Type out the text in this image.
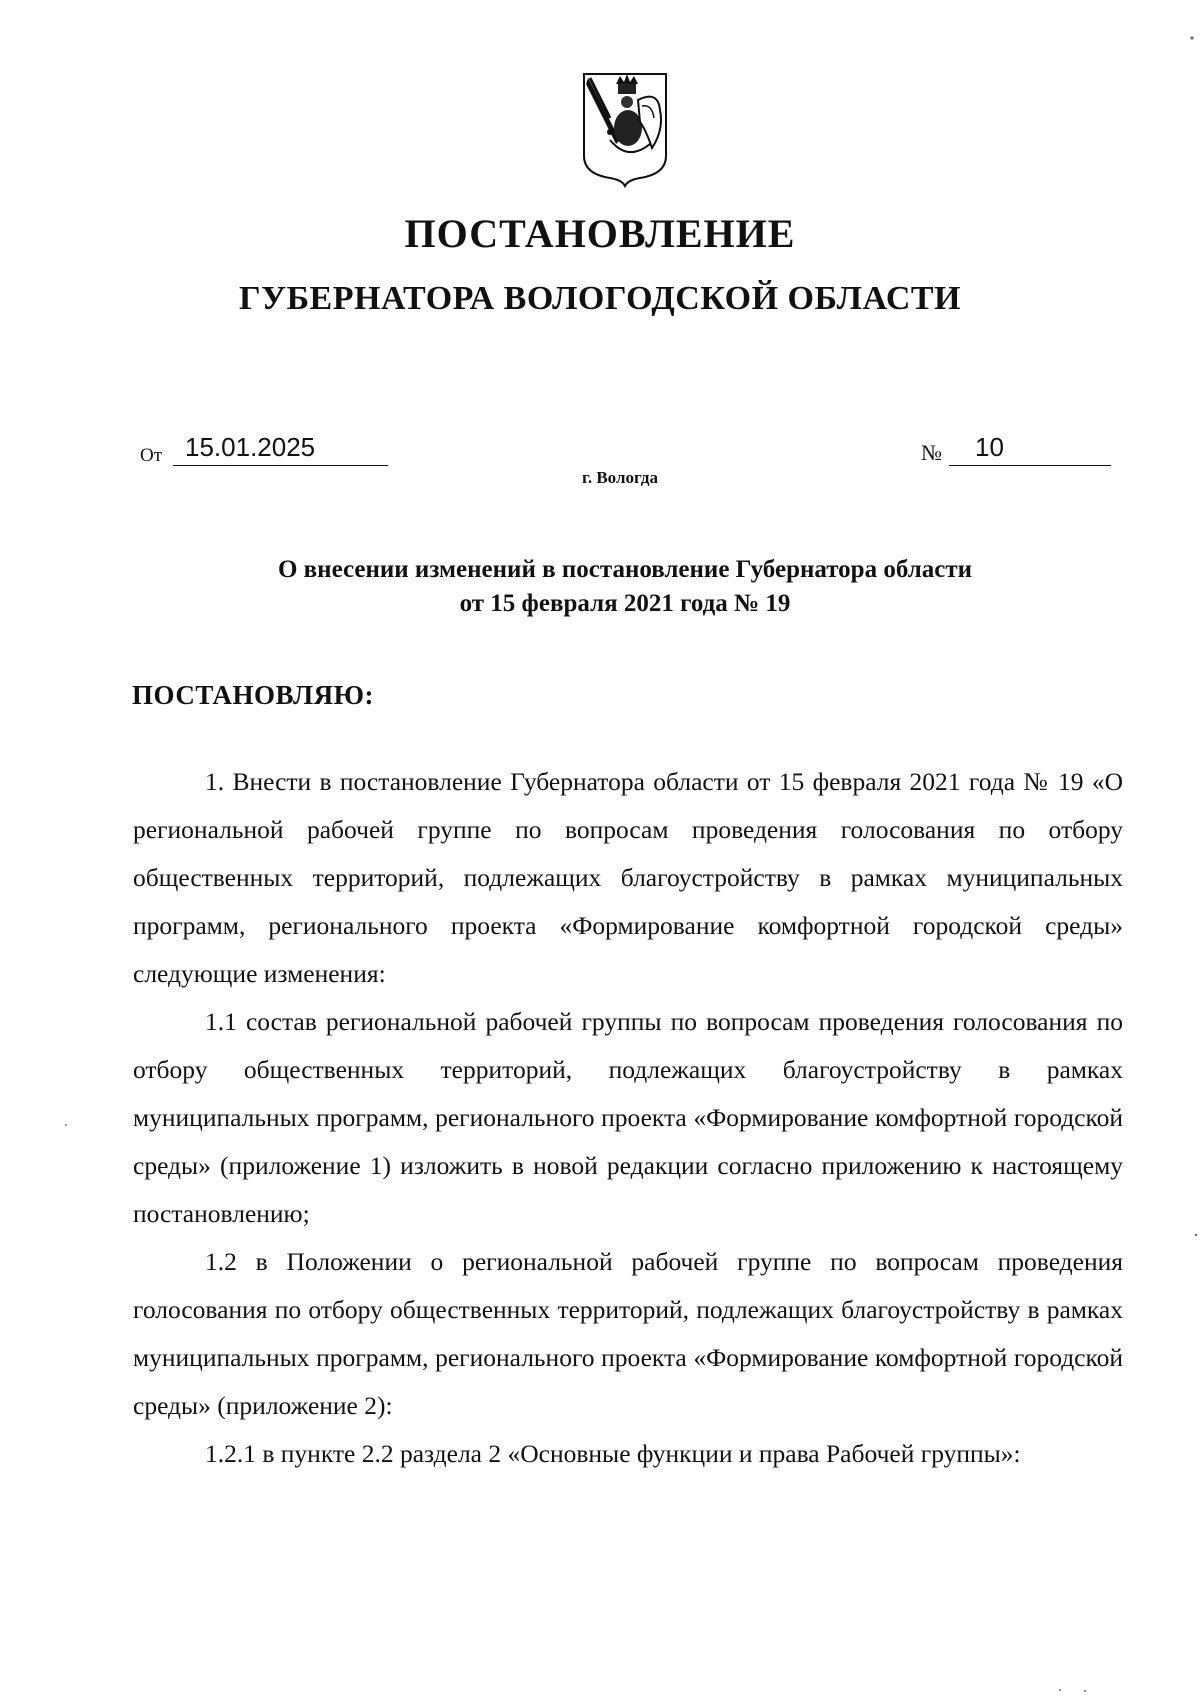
ПОСТАНОВЛЕНИЕ
ГУБЕРНАТОРА ВОЛОГОДСКОЙ ОБЛАСТИ
От 15.01.2025	№	10
г. Вологда
О внесении изменений в постановление Губернатора области
от 15 февраля 2021 года № 19
ПОСТАНОВЛЯЮ:

1. Внести в постановление Губернатора области от 15 февраля 2021 года № 19 «О региональной рабочей группе по вопросам проведения голосования по отбору общественных территорий, подлежащих благоустройству в рамках муниципальных программ, регионального проекта «Формирование комфортной городской среды» следующие изменения:

1.1 состав региональной рабочей группы по вопросам проведения голосования по отбору общественных территорий, подлежащих благоустройству в рамках муниципальных программ, регионального проекта «Формирование комфортной городской среды» (приложение 1) изложить в новой редакции согласно приложению к настоящему постановлению;

1.2 в Положении о региональной рабочей группе по вопросам проведения голосования по отбору общественных территорий, подлежащих благоустройству в рамках муниципальных программ, регионального проекта «Формирование комфортной городской среды» (приложение 2):

1.2.1 в пункте 2.2 раздела 2 «Основные функции и права Рабочей группы»:
